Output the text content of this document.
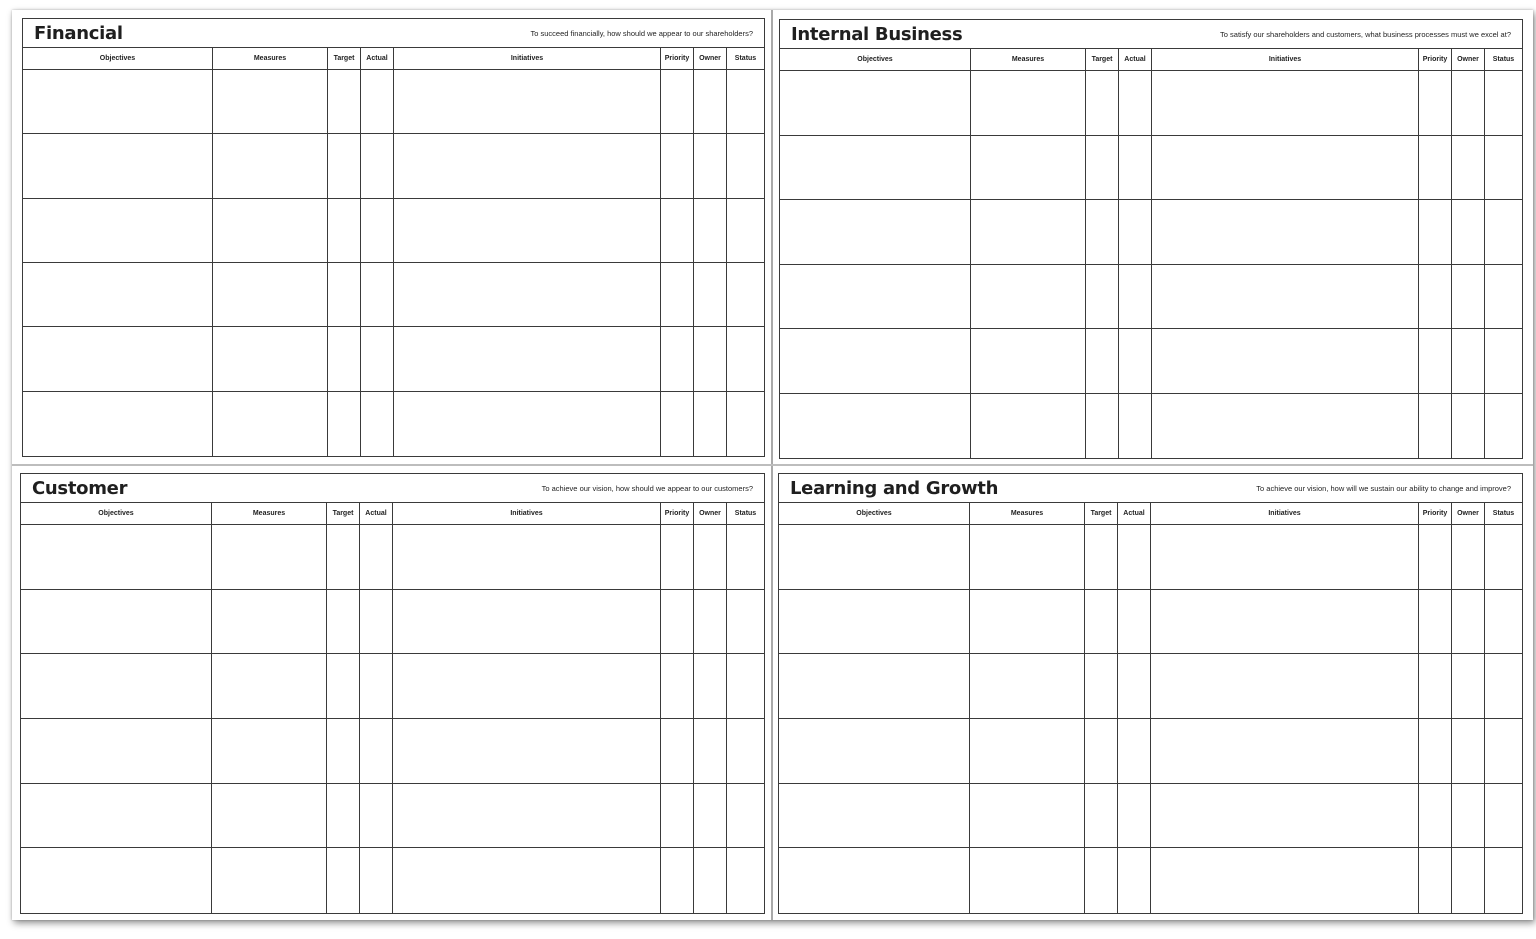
Financial	To succeed financially, how should we appear to our shareholders?
Objectives	Measures	Target	Actual	Initiatives	Priority	Owner	Status
Internal Business	To satisfy our shareholders and customers, what business processes must we excel at?
Objectives	Measures	Target	Actual	Initiatives	Priority	Owner	Status
Customer	To achieve our vision, how should we appear to our customers?
Objectives	Measures	Target	Actual	Initiatives	Priority	Owner	Status
Learning and Growth	To achieve our vision, how will we sustain our ability to change and improve?
Objectives	Measures	Target	Actual	Initiatives	Priority	Owner	Status
